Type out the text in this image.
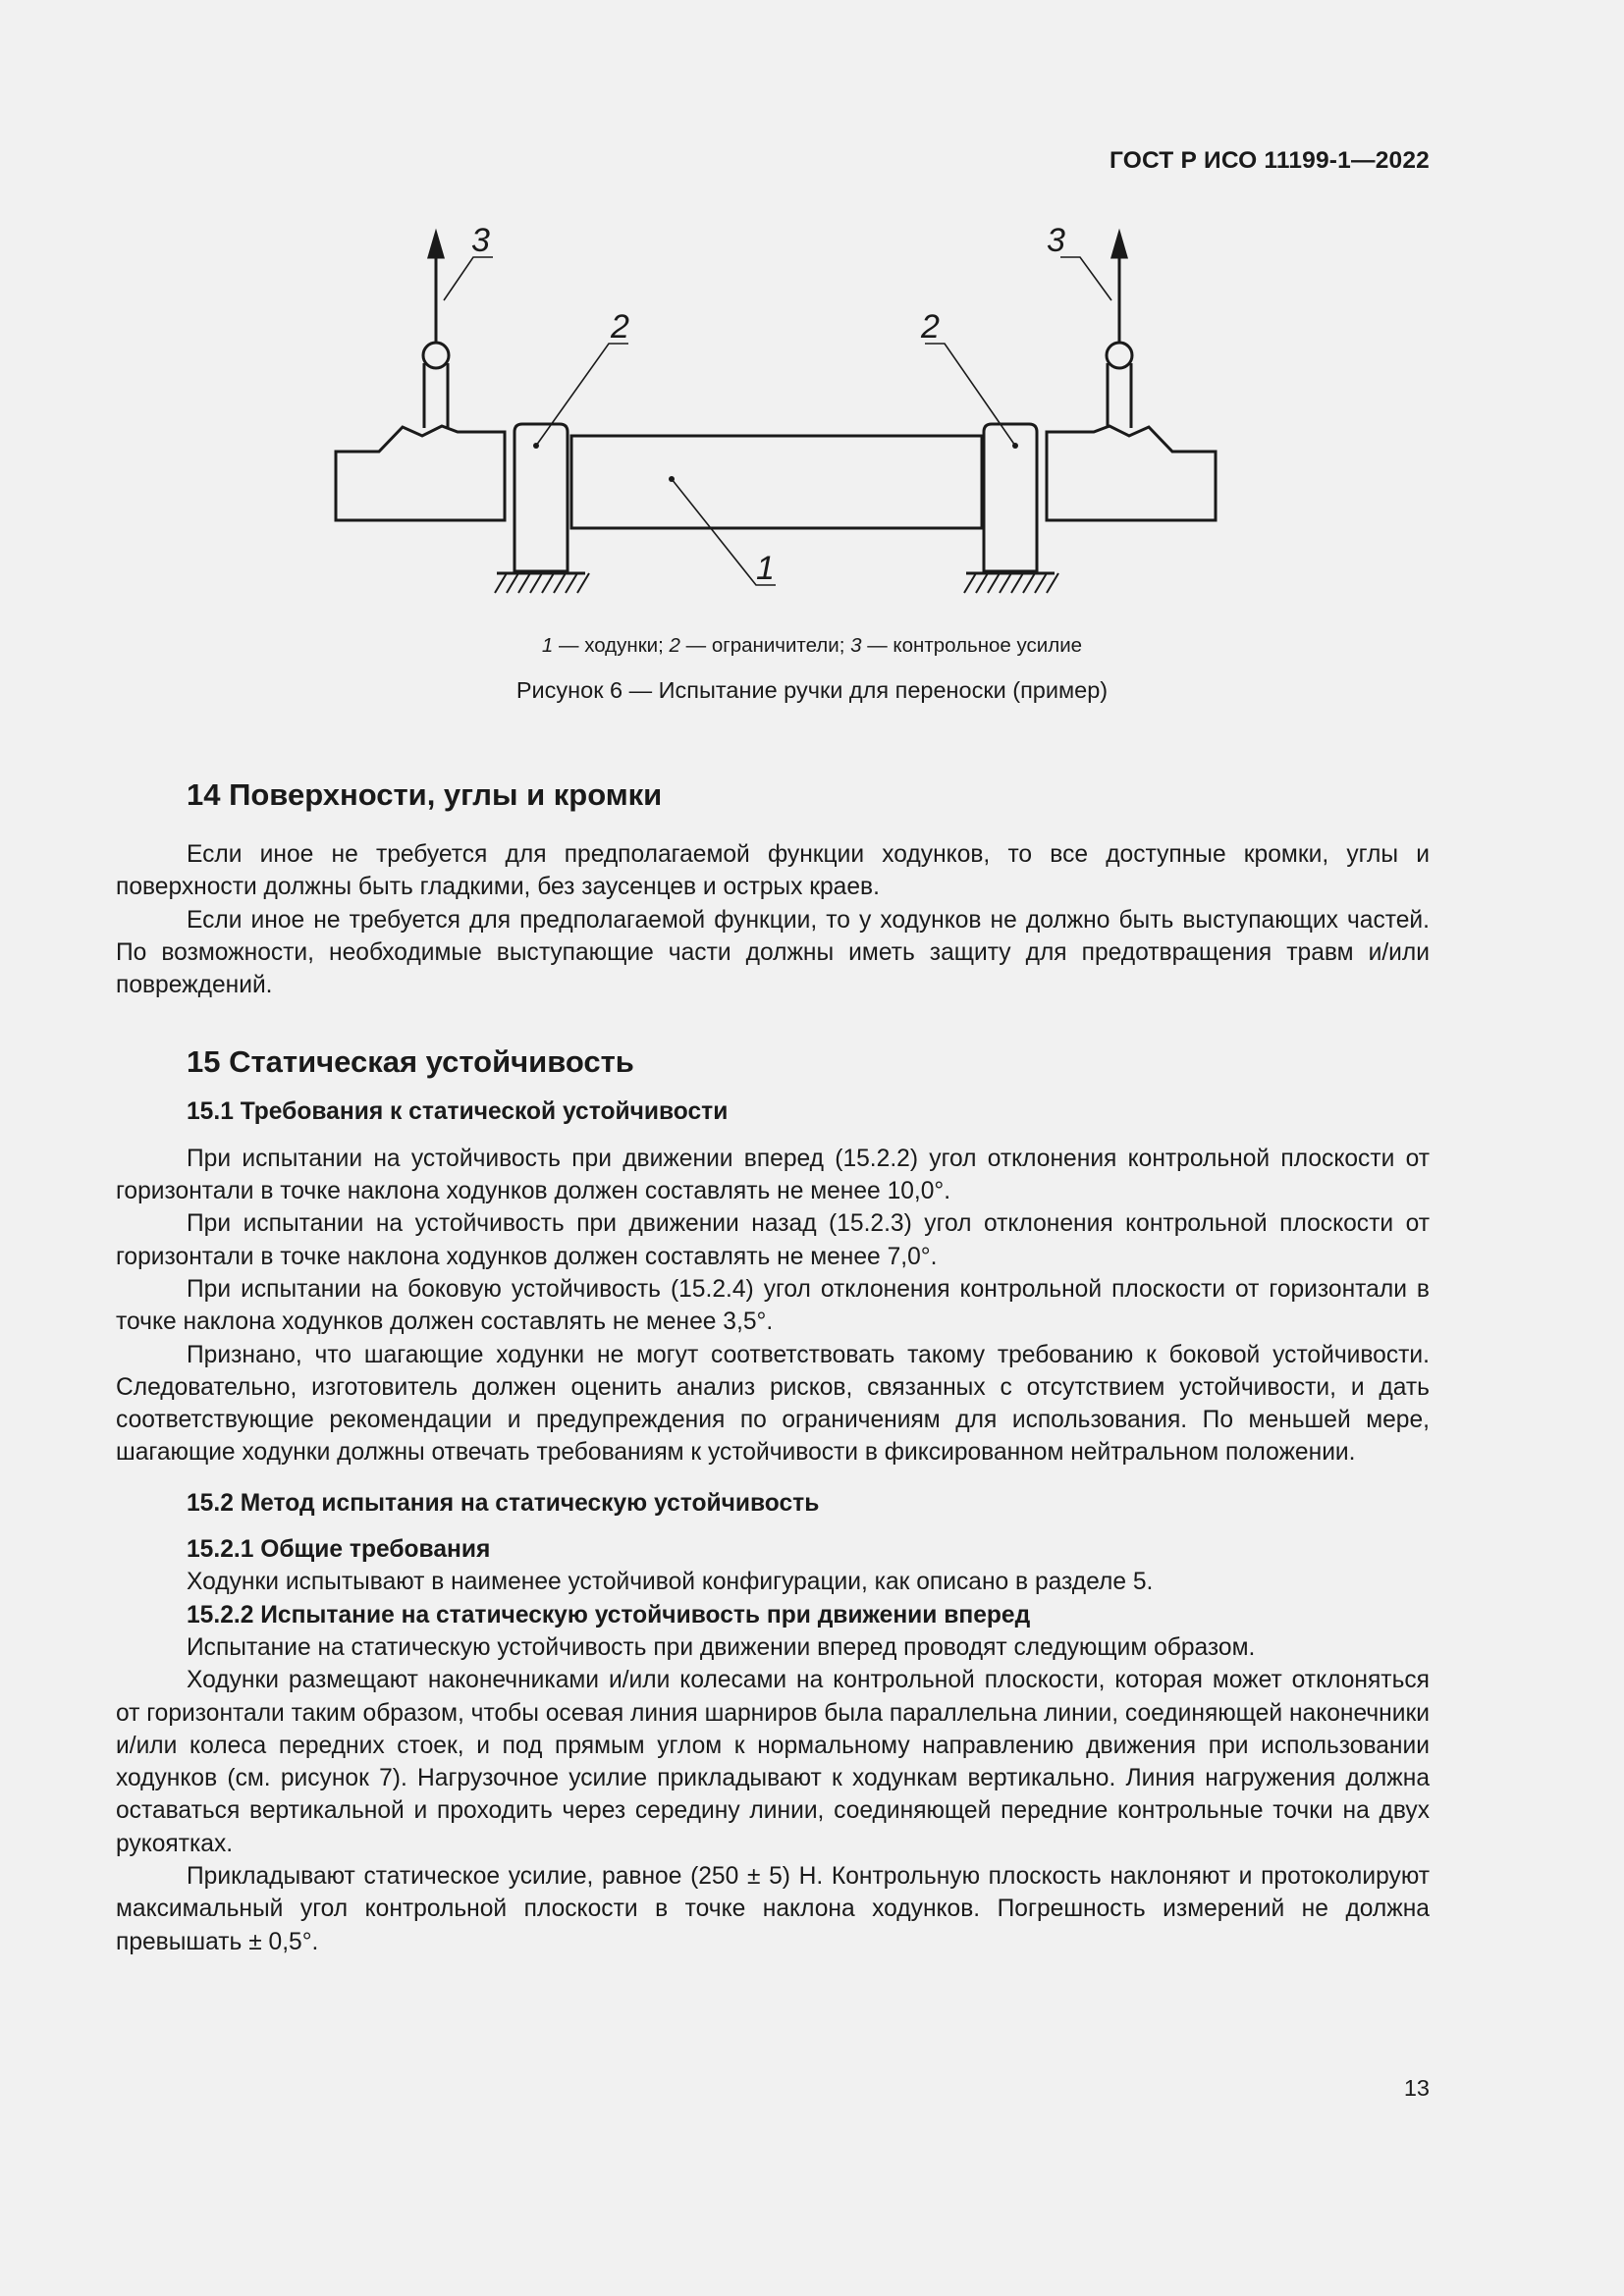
ГОСТ Р ИСО 11199-1—2022
2	2
1
3	3
1 — ходунки; 2 — ограничители; 3 — контрольное усилие
Рисунок 6 — Испытание ручки для переноски (пример)
14 Поверхности, углы и кромки

Если иное не требуется для предполагаемой функции ходунков, то все доступные кромки, углы и поверхности должны быть гладкими, без заусенцев и острых краев.

Если иное не требуется для предполагаемой функции, то у ходунков не должно быть выступающих частей. По возможности, необходимые выступающие части должны иметь защиту для предотвращения травм и/или повреждений.

15 Статическая устойчивость
15.1 Требования к статической устойчивости

При испытании на устойчивость при движении вперед (15.2.2) угол отклонения контрольной плоскости от горизонтали в точке наклона ходунков должен составлять не менее 10,0°.

При испытании на устойчивость при движении назад (15.2.3) угол отклонения контрольной плоскости от горизонтали в точке наклона ходунков должен составлять не менее 7,0°.

При испытании на боковую устойчивость (15.2.4) угол отклонения контрольной плоскости от горизонтали в точке наклона ходунков должен составлять не менее 3,5°.

Признано, что шагающие ходунки не могут соответствовать такому требованию к боковой устойчивости. Следовательно, изготовитель должен оценить анализ рисков, связанных с отсутствием устойчивости, и дать соответствующие рекомендации и предупреждения по ограничениям для использования. По меньшей мере, шагающие ходунки должны отвечать требованиям к устойчивости в фиксированном нейтральном положении.

15.2 Метод испытания на статическую устойчивость
15.2.1 Общие требования

Ходунки испытывают в наименее устойчивой конфигурации, как описано в разделе 5.

15.2.2 Испытание на статическую устойчивость при движении вперед

Испытание на статическую устойчивость при движении вперед проводят следующим образом.

Ходунки размещают наконечниками и/или колесами на контрольной плоскости, которая может отклоняться от горизонтали таким образом, чтобы осевая линия шарниров была параллельна линии, соединяющей наконечники и/или колеса передних стоек, и под прямым углом к нормальному направлению движения при использовании ходунков (см. рисунок 7). Нагрузочное усилие прикладывают к ходункам вертикально. Линия нагружения должна оставаться вертикальной и проходить через середину линии, соединяющей передние контрольные точки на двух рукоятках.

Прикладывают статическое усилие, равное (250 ± 5) Н. Контрольную плоскость наклоняют и протоколируют максимальный угол контрольной плоскости в точке наклона ходунков. Погрешность измерений не должна превышать ± 0,5°.

13
